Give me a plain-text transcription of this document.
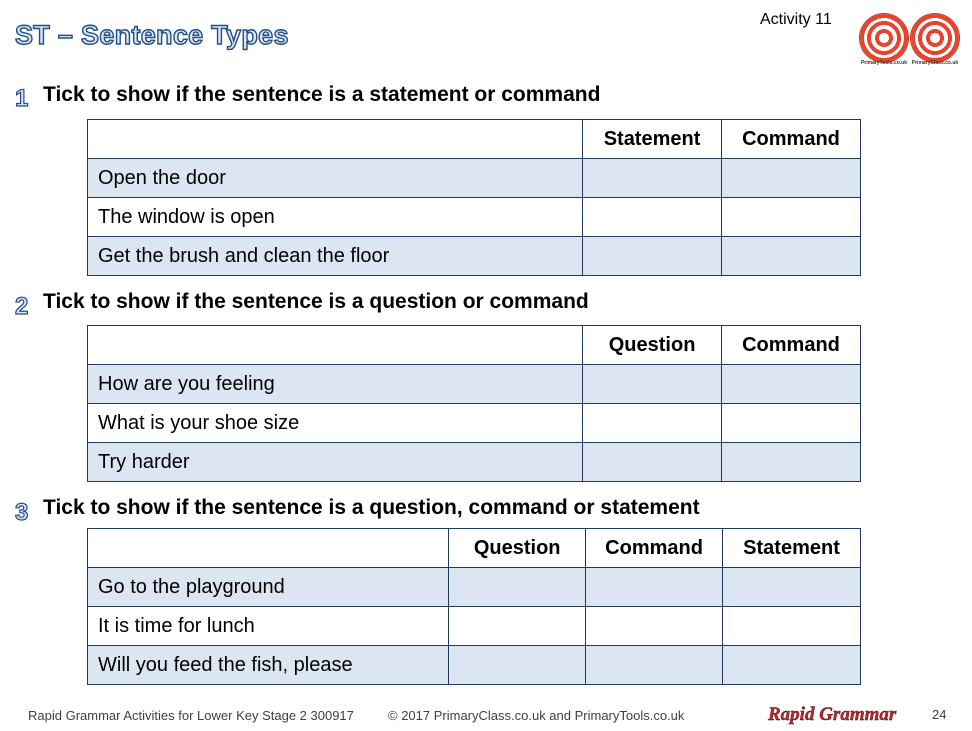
ST – Sentence Types
Activity 11
PrimaryTools.co.uk PrimaryClass.co.uk
1 Tick to show if the sentence is a statement or command
	Statement	Command
Open the door		
The window is open		
Get the brush and clean the floor		
2 Tick to show if the sentence is a question or command
	Question	Command
How are you feeling		
What is your shoe size		
Try harder		
3 Tick to show if the sentence is a question, command or statement
	Question	Command	Statement
Go to the playground			
It is time for lunch			
Will you feed the fish, please			
Rapid Grammar Activities for Lower Key Stage 2 300917	© 2017 PrimaryClass.co.uk and PrimaryTools.co.uk	Rapid Grammar	24
